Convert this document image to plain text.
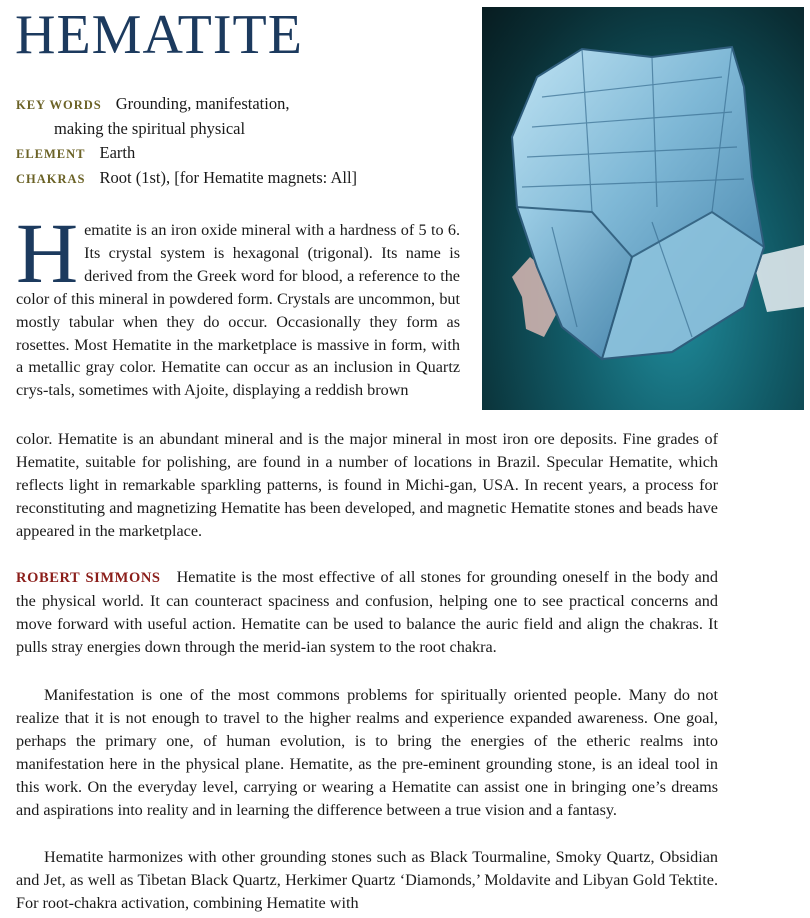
HEMATITE
KEY WORDS Grounding, manifestation,
making the spiritual physical
ELEMENT Earth
CHAKRAS Root (1st), [for Hematite magnets: All]
H ematite is an iron oxide mineral with a hardness of 5 to 6. Its crystal system is hexagonal (trigonal). Its name is derived from the Greek word for blood, a reference to the color of this mineral in powdered form. Crystals are uncommon, but mostly tabular when they do occur. Occasionally they form as rosettes. Most Hematite in the marketplace is massive in form, with a metallic gray color. Hematite can occur as an inclusion in Quartz crys-tals, sometimes with Ajoite, displaying a reddish brown

color. Hematite is an abundant mineral and is the major mineral in most iron ore deposits. Fine grades of Hematite, suitable for polishing, are found in a number of locations in Brazil. Specular Hematite, which reflects light in remarkable sparkling patterns, is found in Michi-gan, USA. In recent years, a process for reconstituting and magnetizing Hematite has been developed, and magnetic Hematite stones and beads have appeared in the marketplace.

ROBERT SIMMONS Hematite is the most effective of all stones for grounding oneself in the body and the physical world. It can counteract spaciness and confusion, helping one to see practical concerns and move forward with useful action. Hematite can be used to balance the auric field and align the chakras. It pulls stray energies down through the merid-ian system to the root chakra.

Manifestation is one of the most commons problems for spiritually oriented people. Many do not realize that it is not enough to travel to the higher realms and experience expanded awareness. One goal, perhaps the primary one, of human evolution, is to bring the energies of the etheric realms into manifestation here in the physical plane. Hematite, as the pre-eminent grounding stone, is an ideal tool in this work. On the everyday level, carrying or wearing a Hematite can assist one in bringing one’s dreams and aspirations into reality and in learning the difference between a true vision and a fantasy.

Hematite harmonizes with other grounding stones such as Black Tourmaline, Smoky Quartz, Obsidian and Jet, as well as Tibetan Black Quartz, Herkimer Quartz ‘Diamonds,’ Moldavite and Libyan Gold Tektite. For root-chakra activation, combining Hematite with
